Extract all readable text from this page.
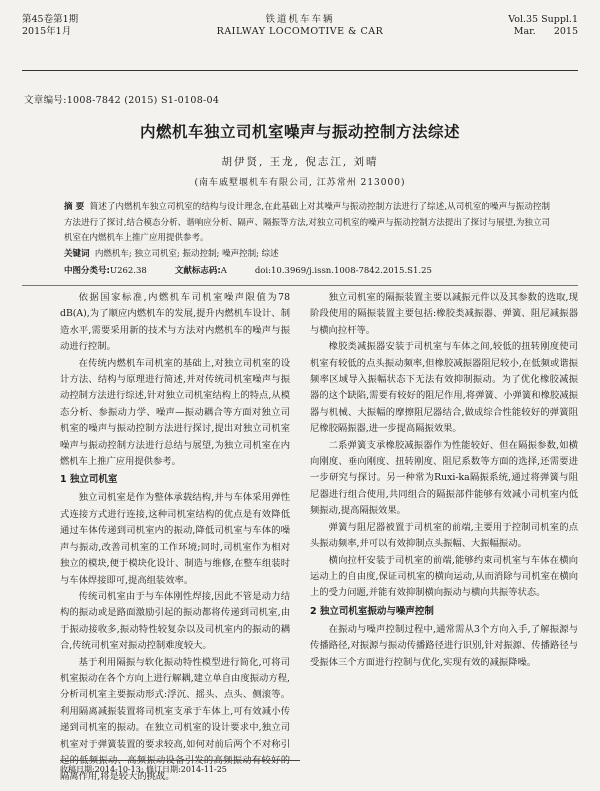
第45卷第1期
2015年1月
铁道机车车辆
RAILWAY LOCOMOTIVE & CAR
Vol.35 Suppl.1
Mar. 2015
文章编号:1008-7842 (2015) S1-0108-04
内燃机车独立司机室噪声与振动控制方法综述
胡伊贤, 王龙, 倪志江, 刘晴
(南车戚墅堰机车有限公司, 江苏常州 213000)
摘 要 简述了内燃机车独立司机室的结构与设计理念,在此基础上对其噪声与振动控制方法进行了综述,从司机室的噪声与振动控制方法进行了探讨,结合模态分析、谐响应分析、隔声、隔振等方法,对独立司机室的噪声与振动控制方法提出了探讨与展望,为独立司机室在内燃机车上推广应用提供参考。
关键词 内燃机车; 独立司机室; 振动控制; 噪声控制; 综述
中图分类号:U262.38	文献标志码:A	doi:10.3969/j.issn.1008-7842.2015.S1.25

依据国家标准,内燃机车司机室噪声限值为78 dB(A),为了顺应内燃机车的发展,提升内燃机车设计、制造水平,需要采用新的技术与方法对内燃机车的噪声与振动进行控制。

在传统内燃机车司机室的基础上,对独立司机室的设计方法、结构与原理进行简述,并对传统司机室噪声与振动控制方法进行综述,针对独立司机室结构上的特点,从模态分析、参振动力学、噪声—振动耦合等方面对独立司机室的噪声与振动控制方法进行探讨,提出对独立司机室噪声与振动控制方法进行总结与展望,为独立司机室在内燃机车上推广应用提供参考。

1 独立司机室

独立司机室是作为整体承载结构,并与车体采用弹性式连接方式进行连接,这种司机室结构的优点是有效降低通过车体传递到司机室内的振动,降低司机室与车体的噪声与振动,改善司机室的工作环境;同时,司机室作为相对独立的模块,便于模块化设计、制造与维修,在整车组装时与车体焊接即可,提高组装效率。

传统司机室由于与车体刚性焊接,因此不管是动力结构的振动或是路面激励引起的振动都将传递到司机室,由于振动接收多,振动特性较复杂以及司机室内的振动的耦合,传统司机室对振动控制难度较大。

基于利用隔振与软化振动特性模型进行简化,可将司机室振动在各个方向上进行解耦,建立单自由度振动方程,分析司机室主要振动形式:浮沉、摇头、点头、侧滚等。利用隔离减振装置将司机室支承于车体上,可有效减小传递到司机室的振动。在独立司机室的设计要求中,独立司机室对于弹簧装置的要求较高,如何对前后两个不对称引起的低频振动、高频振动设备引发的高频振动有较好的隔离作用,将是较大的挑战。

独立司机室的隔振装置主要以减振元件以及其参数的选取,现阶段使用的隔振装置主要包括:橡胶类减振器、弹簧、阻尼减振器与横向拉杆等。

橡胶类减振器安装于司机室与车体之间,较低的扭转刚度使司机室有较低的点头振动频率,但橡胶减振器阻尼较小,在低频或谐振频率区域导入振幅状态下无法有效抑制振动。为了优化橡胶减振器的这个缺陷,需要有较好的阻尼作用,将弹簧、小弹簧和橡胶减振器与机械、大振幅的摩擦阻尼器结合,做成综合性能较好的弹簧阻尼橡胶隔振器,进一步提高隔振效果。

二系弹簧支承橡胶减振器作为性能较好、但在隔振参数,如横向刚度、垂向刚度、扭转刚度、阻尼系数等方面的选择,还需要进一步研究与探讨。另一种常为Ruxi-ka隔振系统,通过将弹簧与阻尼器进行组合使用,共同组合的隔振部件能够有效减小司机室内低频振动,提高隔振效果。

弹簧与阻尼器被置于司机室的前端,主要用于控制司机室的点头振动频率,并可以有效抑制点头振幅、大振幅振动。

横向拉杆安装于司机室的前端,能够约束司机室与车体在横向运动上的自由度,保证司机室的横向运动,从而消除与司机室在横向上的受力问题,并能有效抑制横向振动与横向共振等状态。

2 独立司机室振动与噪声控制

在振动与噪声控制过程中,通常需从3个方向入手,了解振源与传播路径,对振源与振动传播路径进行识别,针对振源、传播路径与受振体三个方面进行控制与优化,实现有效的减振降噪。

收稿日期:2014-10-13; 修订日期:2014-11-25
